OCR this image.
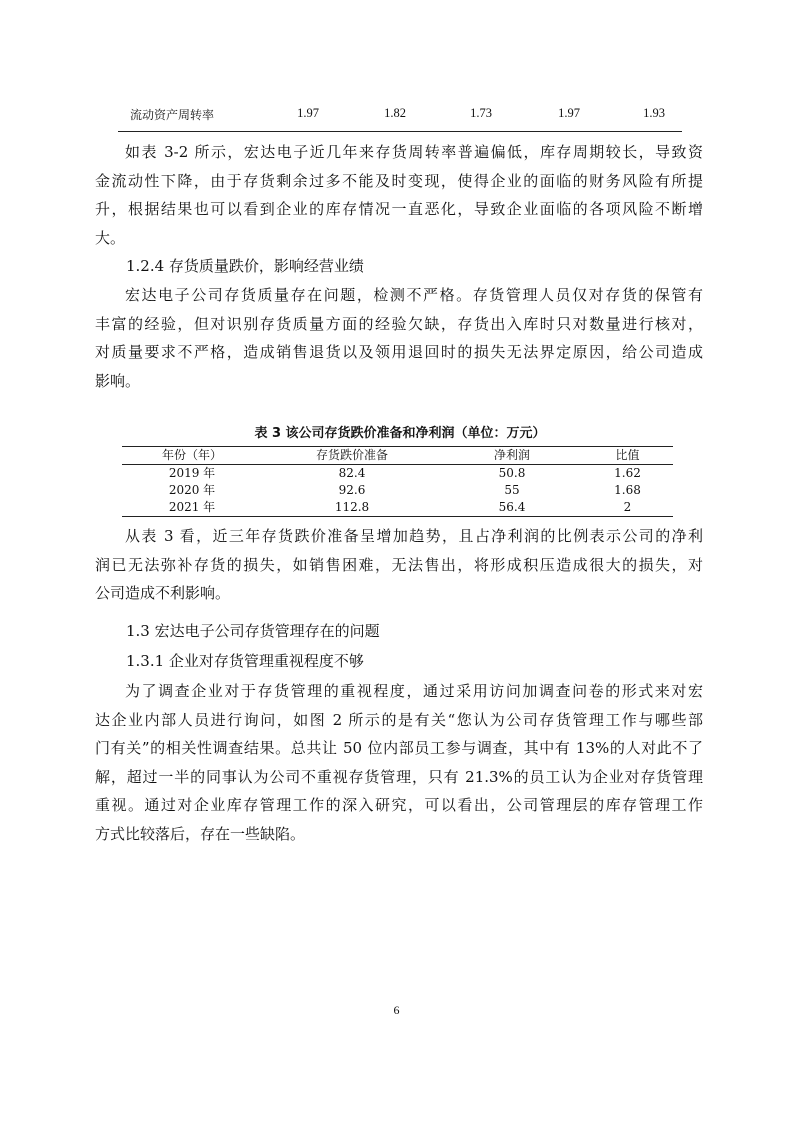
流动资产周转率	1.97	1.82	1.73	1.97	1.93

如表 3-2 所示，宏达电子近几年来存货周转率普遍偏低，库存周期较长，导致资
金流动性下降，由于存货剩余过多不能及时变现，使得企业的面临的财务风险有所提
升，根据结果也可以看到企业的库存情况一直恶化，导致企业面临的各项风险不断增
大。

1.2.4 存货质量跌价，影响经营业绩

宏达电子公司存货质量存在问题，检测不严格。存货管理人员仅对存货的保管有
丰富的经验，但对识别存货质量方面的经验欠缺，存货出入库时只对数量进行核对，
对质量要求不严格，造成销售退货以及领用退回时的损失无法界定原因，给公司造成
影响。

表 3 该公司存货跌价准备和净利润（单位：万元）
年份（年）	存货跌价准备	净利润	比值
2019 年	82.4	50.8	1.62
2020 年	92.6	55	1.68
2021 年	112.8	56.4	2

从表 3 看，近三年存货跌价准备呈增加趋势，且占净利润的比例表示公司的净利
润已无法弥补存货的损失，如销售困难，无法售出，将形成积压造成很大的损失，对
公司造成不利影响。

1.3 宏达电子公司存货管理存在的问题

1.3.1 企业对存货管理重视程度不够

为了调查企业对于存货管理的重视程度，通过采用访问加调查问卷的形式来对宏
达企业内部人员进行询问，如图 2 所示的是有关“您认为公司存货管理工作与哪些部
门有关”的相关性调查结果。总共让 50 位内部员工参与调查，其中有 13%的人对此不了
解，超过一半的同事认为公司不重视存货管理，只有 21.3%的员工认为企业对存货管理
重视。通过对企业库存管理工作的深入研究，可以看出，公司管理层的库存管理工作
方式比较落后，存在一些缺陷。

6
